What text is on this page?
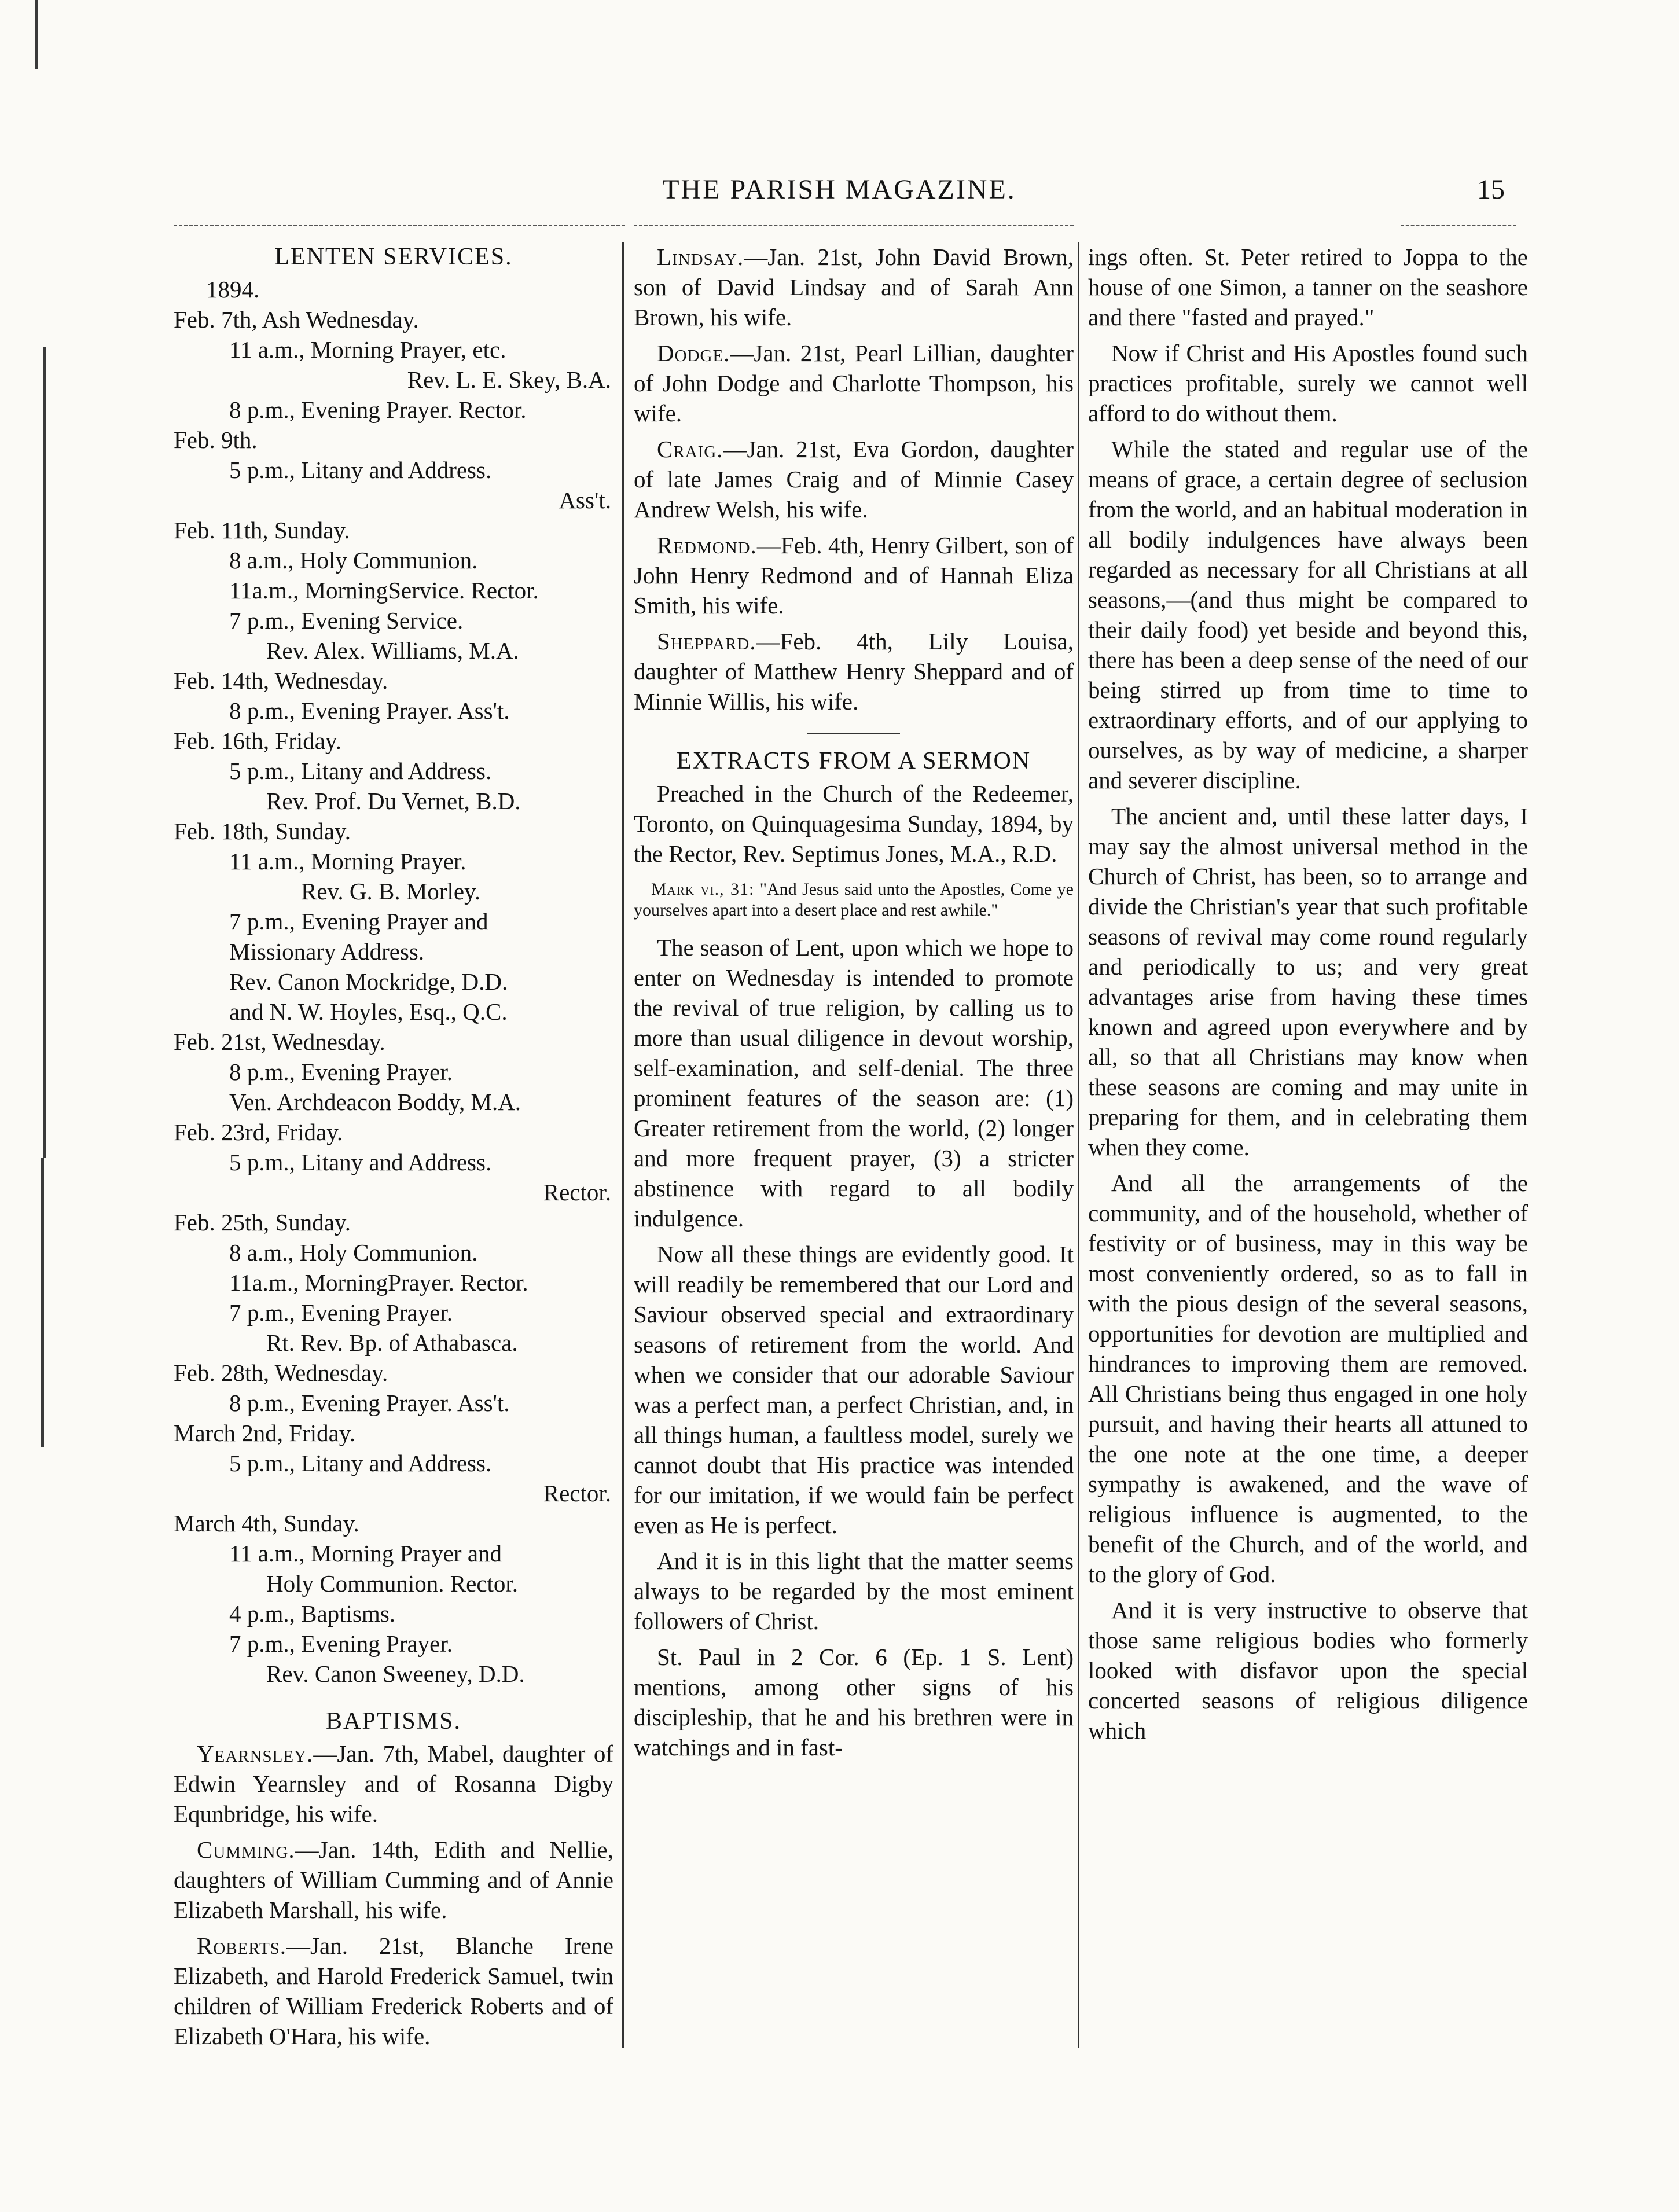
THE PARISH MAGAZINE.	15
LENTEN SERVICES.
1894.
Feb. 7th, Ash Wednesday.
11 a.m., Morning Prayer, etc.
Rev. L. E. Skey, B.A.
8 p.m., Evening Prayer. Rector.
Feb. 9th.
5 p.m., Litany and Address.
Ass't.
Feb. 11th, Sunday.
8 a.m., Holy Communion.
11a.m., MorningService. Rector.
7 p.m., Evening Service.
Rev. Alex. Williams, M.A.
Feb. 14th, Wednesday.
8 p.m., Evening Prayer. Ass't.
Feb. 16th, Friday.
5 p.m., Litany and Address.
Rev. Prof. Du Vernet, B.D.
Feb. 18th, Sunday.
11 a.m., Morning Prayer.
Rev. G. B. Morley.
7 p.m., Evening Prayer and
Missionary Address.
Rev. Canon Mockridge, D.D.
and N. W. Hoyles, Esq., Q.C.
Feb. 21st, Wednesday.
8 p.m., Evening Prayer.
Ven. Archdeacon Boddy, M.A.
Feb. 23rd, Friday.
5 p.m., Litany and Address.
Rector.
Feb. 25th, Sunday.
8 a.m., Holy Communion.
11a.m., MorningPrayer. Rector.
7 p.m., Evening Prayer.
Rt. Rev. Bp. of Athabasca.
Feb. 28th, Wednesday.
8 p.m., Evening Prayer. Ass't.
March 2nd, Friday.
5 p.m., Litany and Address.
Rector.
March 4th, Sunday.
11 a.m., Morning Prayer and
Holy Communion. Rector.
4 p.m., Baptisms.
7 p.m., Evening Prayer.
Rev. Canon Sweeney, D.D.
BAPTISMS.

Yearnsley.—Jan. 7th, Mabel, daughter of Edwin Yearnsley and of Rosanna Digby Equnbridge, his wife.

Cumming.—Jan. 14th, Edith and Nellie, daughters of William Cumming and of Annie Elizabeth Marshall, his wife.

Roberts.—Jan. 21st, Blanche Irene Elizabeth, and Harold Frederick Samuel, twin children of William Frederick Roberts and of Elizabeth O'Hara, his wife.

Lindsay.—Jan. 21st, John David Brown, son of David Lindsay and of Sarah Ann Brown, his wife.

Dodge.—Jan. 21st, Pearl Lillian, daughter of John Dodge and Charlotte Thompson, his wife.

Craig.—Jan. 21st, Eva Gordon, daughter of late James Craig and of Minnie Casey Andrew Welsh, his wife.

Redmond.—Feb. 4th, Henry Gilbert, son of John Henry Redmond and of Hannah Eliza Smith, his wife.

Sheppard.—Feb. 4th, Lily Louisa, daughter of Matthew Henry Sheppard and of Minnie Willis, his wife.

EXTRACTS FROM A SERMON

Preached in the Church of the Redeemer, Toronto, on Quinquagesima Sunday, 1894, by the Rector, Rev. Septimus Jones, M.A., R.D.

Mark vi., 31: "And Jesus said unto the Apostles, Come ye yourselves apart into a desert place and rest awhile."

The season of Lent, upon which we hope to enter on Wednesday is intended to promote the revival of true religion, by calling us to more than usual diligence in devout worship, self-examination, and self-denial. The three prominent features of the season are: (1) Greater retirement from the world, (2) longer and more frequent prayer, (3) a stricter abstinence with regard to all bodily indulgence.

Now all these things are evidently good. It will readily be remembered that our Lord and Saviour observed special and extraordinary seasons of retirement from the world. And when we consider that our adorable Saviour was a perfect man, a perfect Christian, and, in all things human, a faultless model, surely we cannot doubt that His practice was intended for our imitation, if we would fain be perfect even as He is perfect.

And it is in this light that the matter seems always to be regarded by the most eminent followers of Christ.

St. Paul in 2 Cor. 6 (Ep. 1 S. Lent) mentions, among other signs of his discipleship, that he and his brethren were in watchings and in fast-

ings often. St. Peter retired to Joppa to the house of one Simon, a tanner on the seashore and there "fasted and prayed."

Now if Christ and His Apostles found such practices profitable, surely we cannot well afford to do without them.

While the stated and regular use of the means of grace, a certain degree of seclusion from the world, and an habitual moderation in all bodily indulgences have always been regarded as necessary for all Christians at all seasons,—(and thus might be compared to their daily food) yet beside and beyond this, there has been a deep sense of the need of our being stirred up from time to time to extraordinary efforts, and of our applying to ourselves, as by way of medicine, a sharper and severer discipline.

The ancient and, until these latter days, I may say the almost universal method in the Church of Christ, has been, so to arrange and divide the Christian's year that such profitable seasons of revival may come round regularly and periodically to us; and very great advantages arise from having these times known and agreed upon everywhere and by all, so that all Christians may know when these seasons are coming and may unite in preparing for them, and in celebrating them when they come.

And all the arrangements of the community, and of the household, whether of festivity or of business, may in this way be most conveniently ordered, so as to fall in with the pious design of the several seasons, opportunities for devotion are multiplied and hindrances to improving them are removed. All Christians being thus engaged in one holy pursuit, and having their hearts all attuned to the one note at the one time, a deeper sympathy is awakened, and the wave of religious influence is augmented, to the benefit of the Church, and of the world, and to the glory of God.

And it is very instructive to observe that those same religious bodies who formerly looked with disfavor upon the special concerted seasons of religious diligence which
